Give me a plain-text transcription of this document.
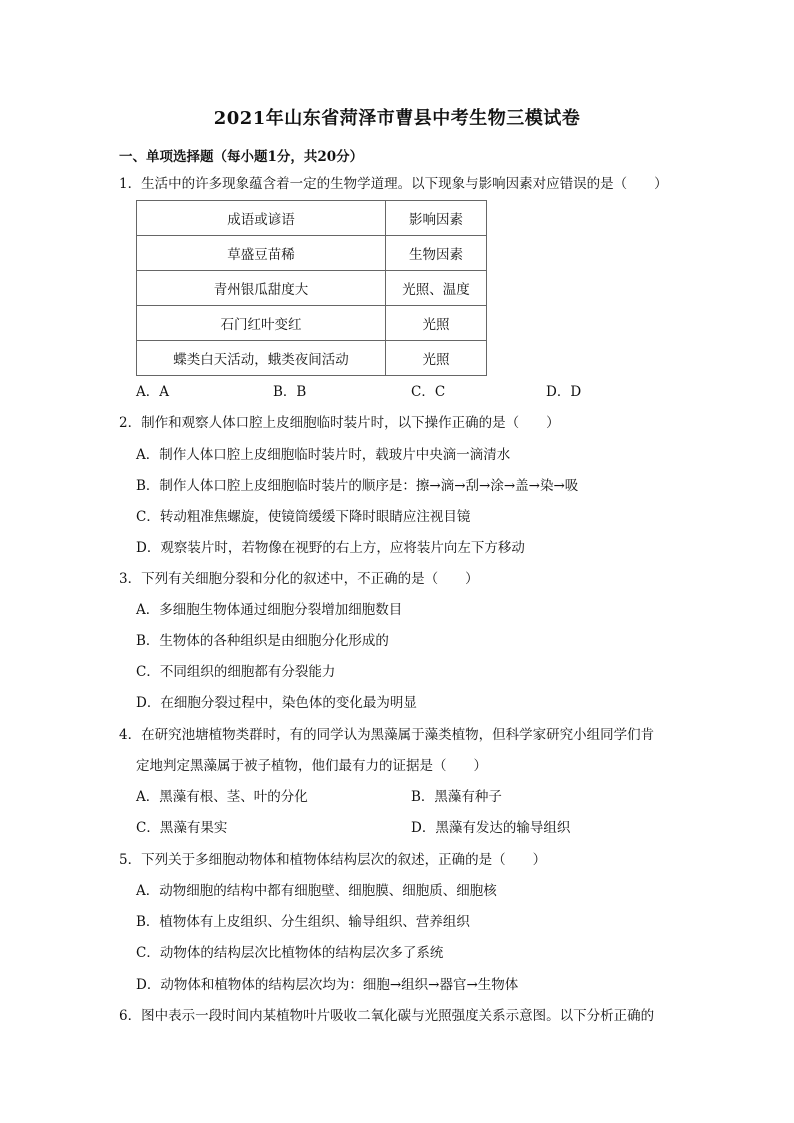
2021年山东省菏泽市曹县中考生物三模试卷
一、单项选择题（每小题1分，共20分）
1．生活中的许多现象蕴含着一定的生物学道理。以下现象与影响因素对应错误的是（　　）
成语或谚语	影响因素
草盛豆苗稀	生物因素
青州银瓜甜度大	光照、温度
石门红叶变红	光照
蝶类白天活动，蛾类夜间活动	光照
A．A	B．B	C．C	D．D
2．制作和观察人体口腔上皮细胞临时装片时，以下操作正确的是（　　）
A．制作人体口腔上皮细胞临时装片时，载玻片中央滴一滴清水
B．制作人体口腔上皮细胞临时装片的顺序是：擦→滴→刮→涂→盖→染→吸
C．转动粗准焦螺旋，使镜筒缓缓下降时眼睛应注视目镜
D．观察装片时，若物像在视野的右上方，应将装片向左下方移动
3．下列有关细胞分裂和分化的叙述中，不正确的是（　　）
A．多细胞生物体通过细胞分裂增加细胞数目
B．生物体的各种组织是由细胞分化形成的
C．不同组织的细胞都有分裂能力
D．在细胞分裂过程中，染色体的变化最为明显
4．在研究池塘植物类群时，有的同学认为黑藻属于藻类植物，但科学家研究小组同学们肯
定地判定黑藻属于被子植物，他们最有力的证据是（　　）
A．黑藻有根、茎、叶的分化	B．黑藻有种子
C．黑藻有果实	D．黑藻有发达的输导组织
5．下列关于多细胞动物体和植物体结构层次的叙述，正确的是（　　）
A．动物细胞的结构中都有细胞壁、细胞膜、细胞质、细胞核
B．植物体有上皮组织、分生组织、输导组织、营养组织
C．动物体的结构层次比植物体的结构层次多了系统
D．动物体和植物体的结构层次均为：细胞→组织→器官→生物体
6．图中表示一段时间内某植物叶片吸收二氧化碳与光照强度关系示意图。以下分析正确的
